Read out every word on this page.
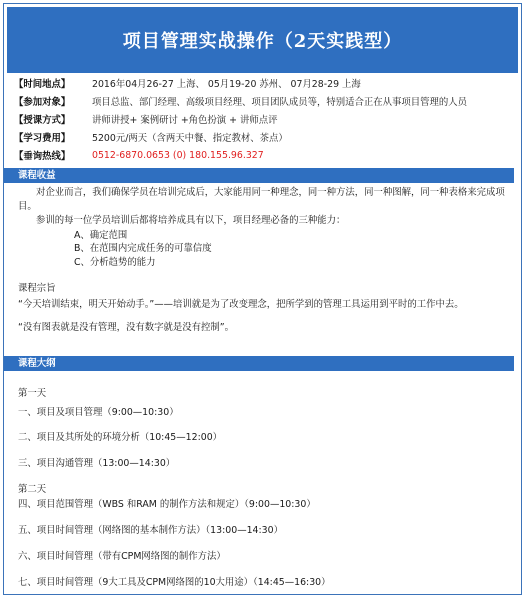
项目管理实战操作（2天实践型）
【时间地点】	2016年04月26-27 上海、 05月19-20 苏州、 07月28-29 上海
【参加对象】	项目总监、部门经理、高级项目经理、项目团队成员等，特别适合正在从事项目管理的人员
【授课方式】	讲师讲授+ 案例研讨 +角色扮演 + 讲师点评
【学习费用】	5200元/两天（含两天中餐、指定教材、茶点）
【垂询热线】	0512-6870.0653 (0) 180.155.96.327
课程收益
对企业而言，我们确保学员在培训完成后，大家能用同一种理念，同一种方法，同一种图解，同一种表格来完成项目。
参训的每一位学员培训后都将培养成具有以下，项目经理必备的三种能力：
A、确定范围
B、在范围内完成任务的可靠信度
C、分析趋势的能力
课程宗旨
“今天培训结束，明天开始动手。”——培训就是为了改变理念，把所学到的管理工具运用到平时的工作中去。
“没有图表就是没有管理，没有数字就是没有控制”。
课程大纲
第一天
一、项目及项目管理（9:00—10:30）
二、项目及其所处的环境分析（10:45—12:00）
三、项目沟通管理（13:00—14:30）
第二天
四、项目范围管理（WBS 和RAM 的制作方法和规定）（9:00—10:30）
五、项目时间管理（网络图的基本制作方法）（13:00—14:30）
六、项目时间管理（带有CPM网络图的制作方法）
七、项目时间管理（9大工具及CPM网络图的10大用途）（14:45—16:30）
